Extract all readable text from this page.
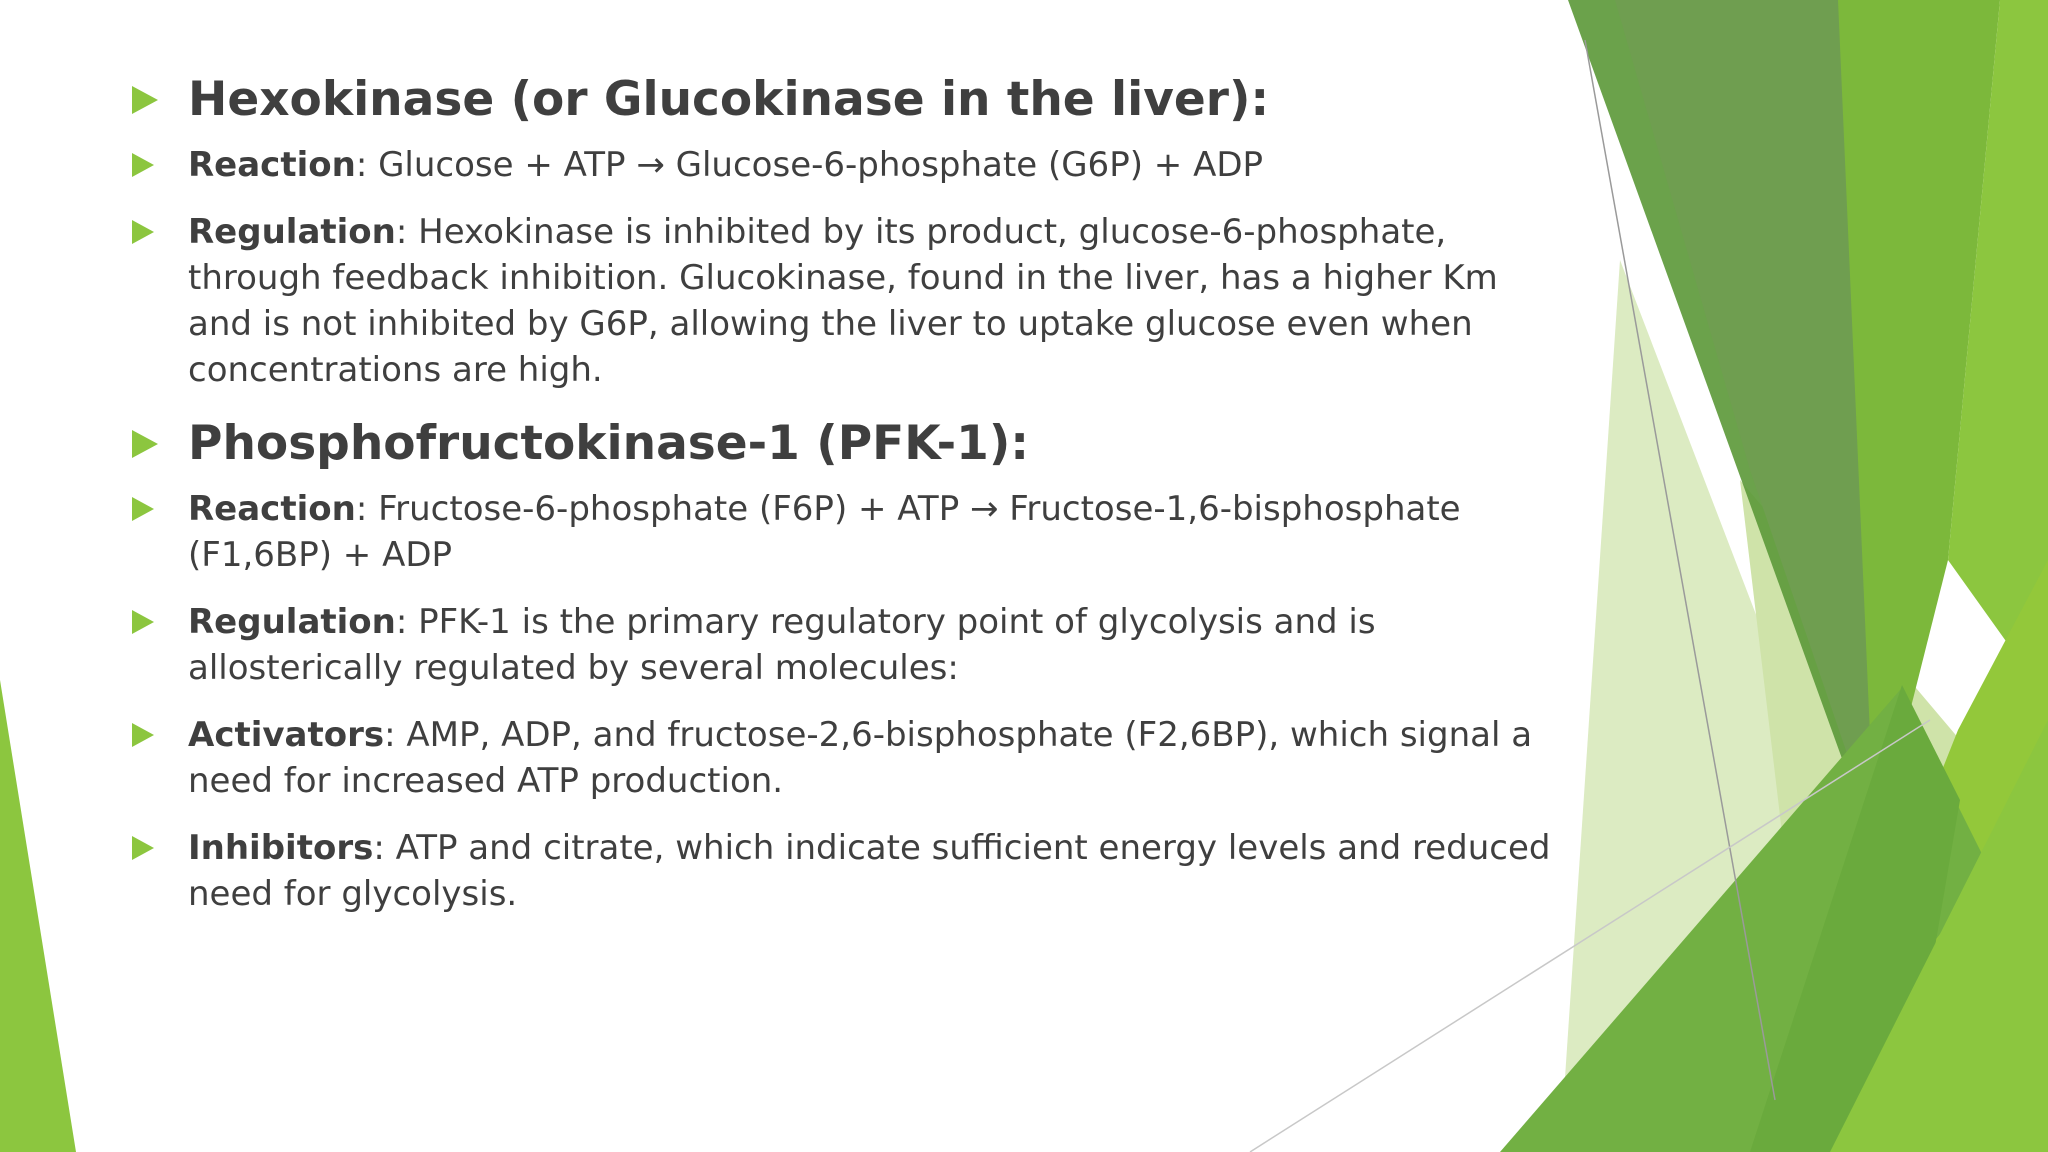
Hexokinase (or Glucokinase in the liver):
Reaction: Glucose + ATP → Glucose-6-phosphate (G6P) + ADP
Regulation: Hexokinase is inhibited by its product, glucose-6-phosphate, through feedback inhibition. Glucokinase, found in the liver, has a higher Km and is not inhibited by G6P, allowing the liver to uptake glucose even when concentrations are high.
Phosphofructokinase-1 (PFK-1):
Reaction: Fructose-6-phosphate (F6P) + ATP → Fructose-1,6-bisphosphate (F1,6BP) + ADP
Regulation: PFK-1 is the primary regulatory point of glycolysis and is allosterically regulated by several molecules:
Activators: AMP, ADP, and fructose-2,6-bisphosphate (F2,6BP), which signal a need for increased ATP production.
Inhibitors: ATP and citrate, which indicate sufficient energy levels and reduced need for glycolysis.
